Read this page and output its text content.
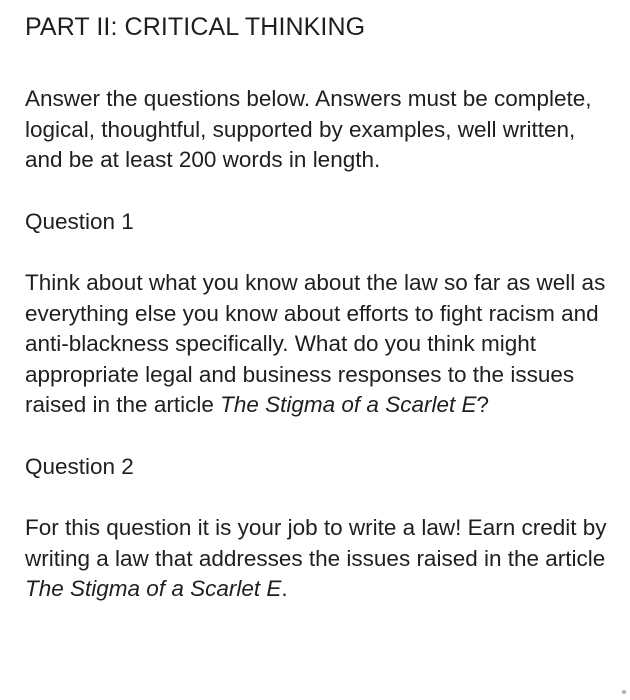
PART II: CRITICAL THINKING

Answer the questions below. Answers must be complete, logical, thoughtful, supported by examples, well written, and be at least 200 words in length.

Question 1

Think about what you know about the law so far as well as everything else you know about efforts to fight racism and anti-blackness specifically. What do you think might appropriate legal and business responses to the issues raised in the article The Stigma of a Scarlet E?

Question 2

For this question it is your job to write a law! Earn credit by writing a law that addresses the issues raised in the article The Stigma of a Scarlet E.
